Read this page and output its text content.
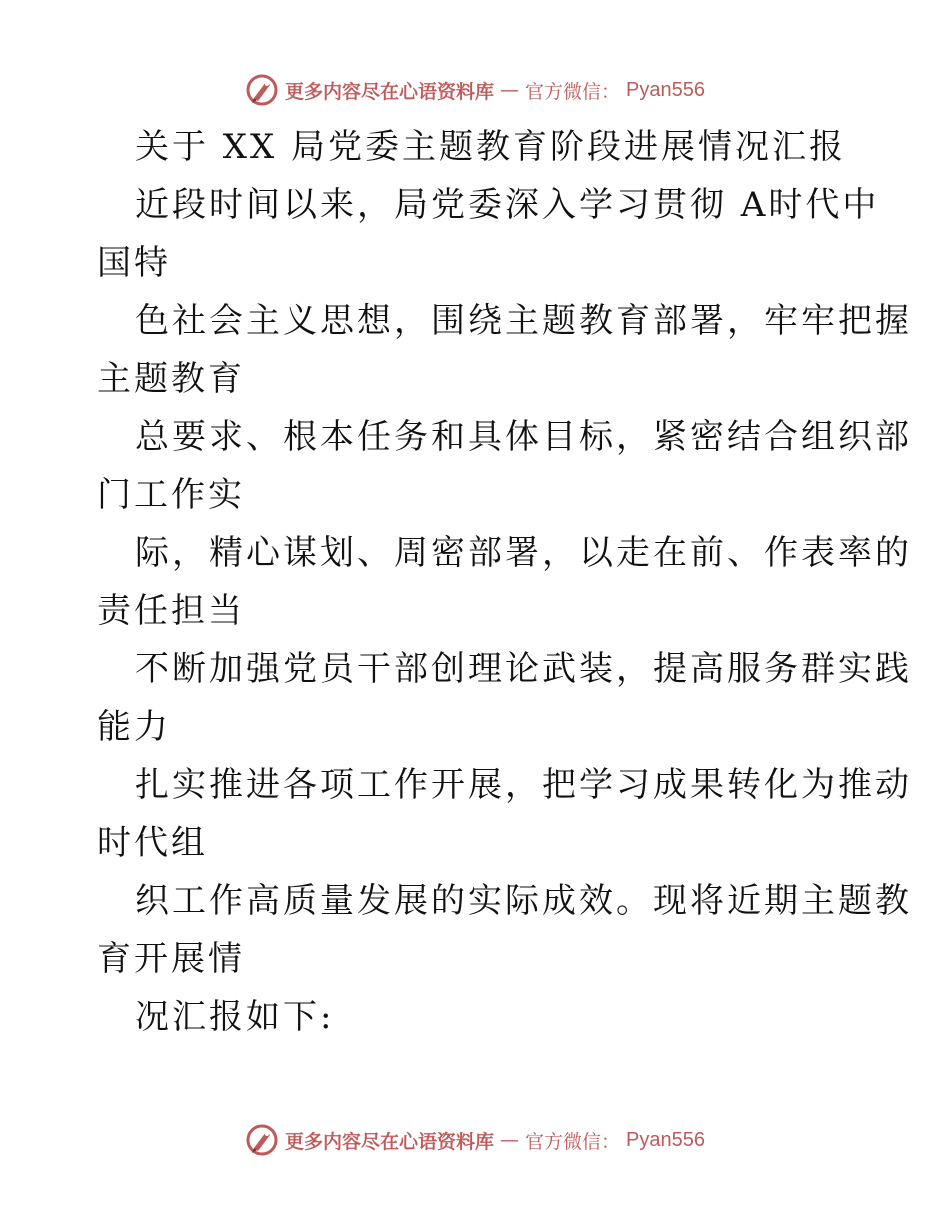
更多内容尽在心语资料库 — 官方微信： Pyan556
关于 XX 局党委主题教育阶段进展情况汇报
近段时间以来，局党委深入学习贯彻 A时代中
国特
色社会主义思想，围绕主题教育部署，牢牢把握
主题教育
总要求、根本任务和具体目标，紧密结合组织部
门工作实
际，精心谋划、周密部署，以走在前、作表率的
责任担当
不断加强党员干部创理论武装，提高服务群实践
能力
扎实推进各项工作开展，把学习成果转化为推动
时代组
织工作高质量发展的实际成效。现将近期主题教
育开展情
况汇报如下:
更多内容尽在心语资料库 — 官方微信： Pyan556
